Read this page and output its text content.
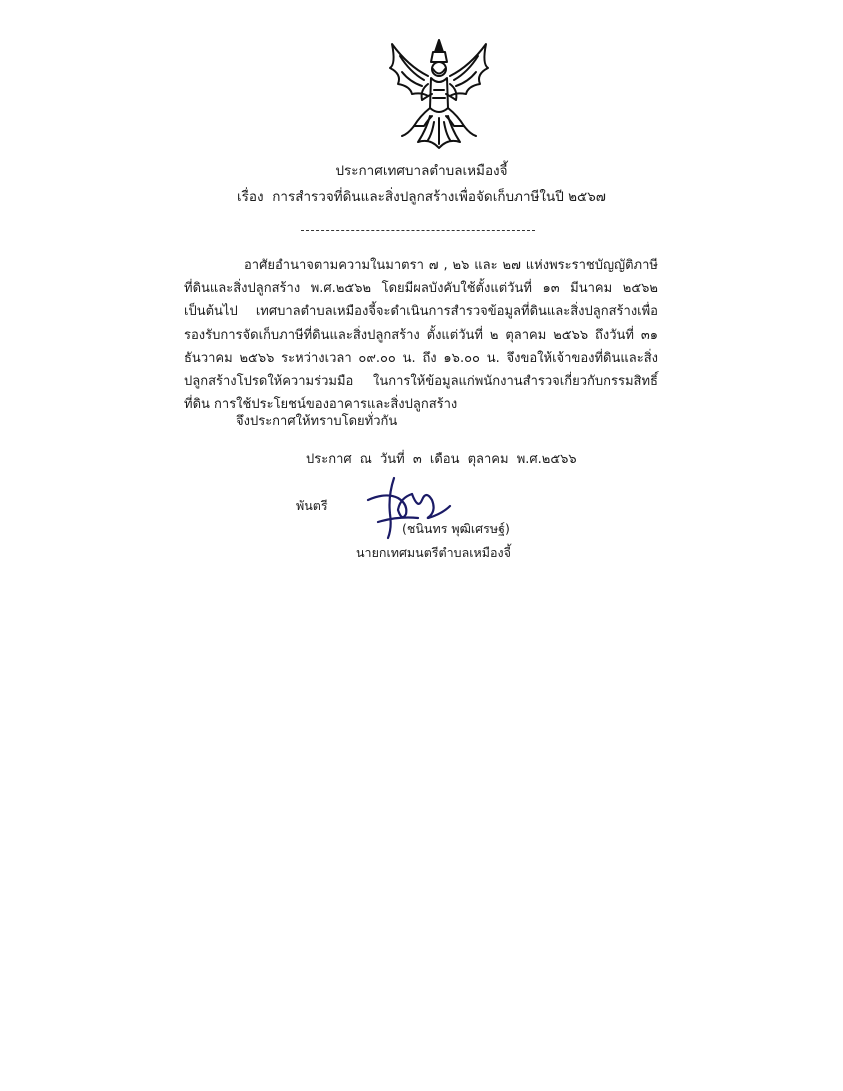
ประกาศเทศบาลตำบลเหมืองจี้
เรื่อง การสำรวจที่ดินและสิ่งปลูกสร้างเพื่อจัดเก็บภาษีในปี ๒๕๖๗
อาศัยอำนาจตามความในมาตรา ๗ , ๒๖ และ ๒๗ แห่งพระราชบัญญัติภาษีที่ดินและสิ่งปลูกสร้าง พ.ศ.๒๕๖๒ โดยมีผลบังคับใช้ตั้งแต่วันที่ ๑๓ มีนาคม ๒๕๖๒ เป็นต้นไป เทศบาลตำบลเหมืองจี้จะดำเนินการสำรวจข้อมูลที่ดินและสิ่งปลูกสร้างเพื่อรองรับการจัดเก็บภาษีที่ดินและสิ่งปลูกสร้าง ตั้งแต่วันที่ ๒ ตุลาคม ๒๕๖๖ ถึงวันที่ ๓๑ ธันวาคม ๒๕๖๖ ระหว่างเวลา ๐๙.๐๐ น. ถึง ๑๖.๐๐ น. จึงขอให้เจ้าของที่ดินและสิ่งปลูกสร้างโปรดให้ความร่วมมือ ในการให้ข้อมูลแก่พนักงานสำรวจเกี่ยวกับกรรมสิทธิ์ที่ดิน การใช้ประโยชน์ของอาคารและสิ่งปลูกสร้าง
จึงประกาศให้ทราบโดยทั่วกัน
ประกาศ ณ วันที่ ๓ เดือน ตุลาคม พ.ศ.๒๕๖๖
พันตรี
(ชนินทร พุฒิเศรษฐ์)
นายกเทศมนตรีตำบลเหมืองจี้
